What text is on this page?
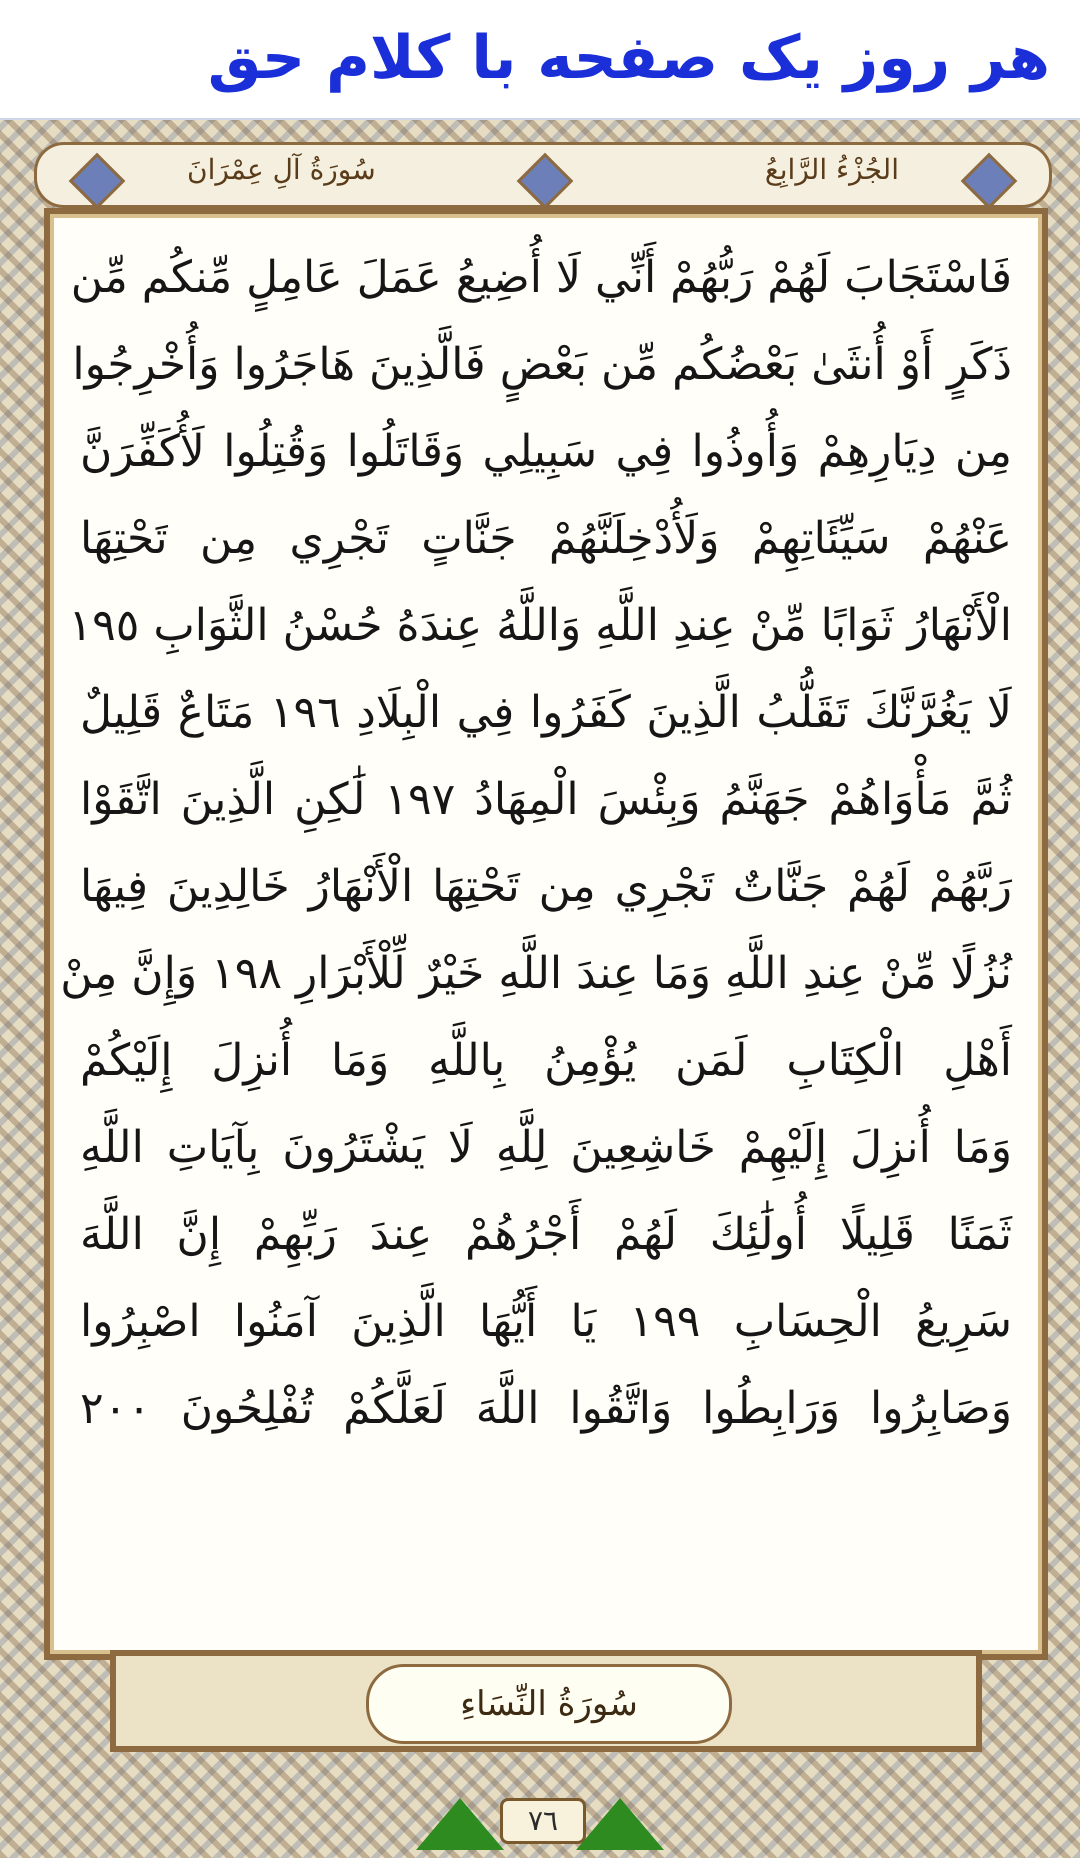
هر روز یک صفحه با کلام حق
سُورَةُ آلِ عِمْرَانَ	الجُزْءُ الرَّابِعُ
فَاسْتَجَابَ لَهُمْ رَبُّهُمْ أَنِّي لَا أُضِيعُ عَمَلَ عَامِلٍ مِّنكُم مِّن
ذَكَرٍ أَوْ أُنثَىٰ بَعْضُكُم مِّن بَعْضٍ فَالَّذِينَ هَاجَرُوا وَأُخْرِجُوا
مِن دِيَارِهِمْ وَأُوذُوا فِي سَبِيلِي وَقَاتَلُوا وَقُتِلُوا لَأُكَفِّرَنَّ
عَنْهُمْ سَيِّئَاتِهِمْ وَلَأُدْخِلَنَّهُمْ جَنَّاتٍ تَجْرِي مِن تَحْتِهَا
الْأَنْهَارُ ثَوَابًا مِّنْ عِندِ اللَّهِ وَاللَّهُ عِندَهُ حُسْنُ الثَّوَابِ ١٩٥
لَا يَغُرَّنَّكَ تَقَلُّبُ الَّذِينَ كَفَرُوا فِي الْبِلَادِ ١٩٦ مَتَاعٌ قَلِيلٌ
ثُمَّ مَأْوَاهُمْ جَهَنَّمُ وَبِئْسَ الْمِهَادُ ١٩٧ لَٰكِنِ الَّذِينَ اتَّقَوْا
رَبَّهُمْ لَهُمْ جَنَّاتٌ تَجْرِي مِن تَحْتِهَا الْأَنْهَارُ خَالِدِينَ فِيهَا
نُزُلًا مِّنْ عِندِ اللَّهِ وَمَا عِندَ اللَّهِ خَيْرٌ لِّلْأَبْرَارِ ١٩٨ وَإِنَّ مِنْ
أَهْلِ الْكِتَابِ لَمَن يُؤْمِنُ بِاللَّهِ وَمَا أُنزِلَ إِلَيْكُمْ
وَمَا أُنزِلَ إِلَيْهِمْ خَاشِعِينَ لِلَّهِ لَا يَشْتَرُونَ بِآيَاتِ اللَّهِ
ثَمَنًا قَلِيلًا أُولَٰئِكَ لَهُمْ أَجْرُهُمْ عِندَ رَبِّهِمْ إِنَّ اللَّهَ
سَرِيعُ الْحِسَابِ ١٩٩ يَا أَيُّهَا الَّذِينَ آمَنُوا اصْبِرُوا
وَصَابِرُوا وَرَابِطُوا وَاتَّقُوا اللَّهَ لَعَلَّكُمْ تُفْلِحُونَ ٢٠٠
سُورَةُ النِّسَاءِ
٧٦
